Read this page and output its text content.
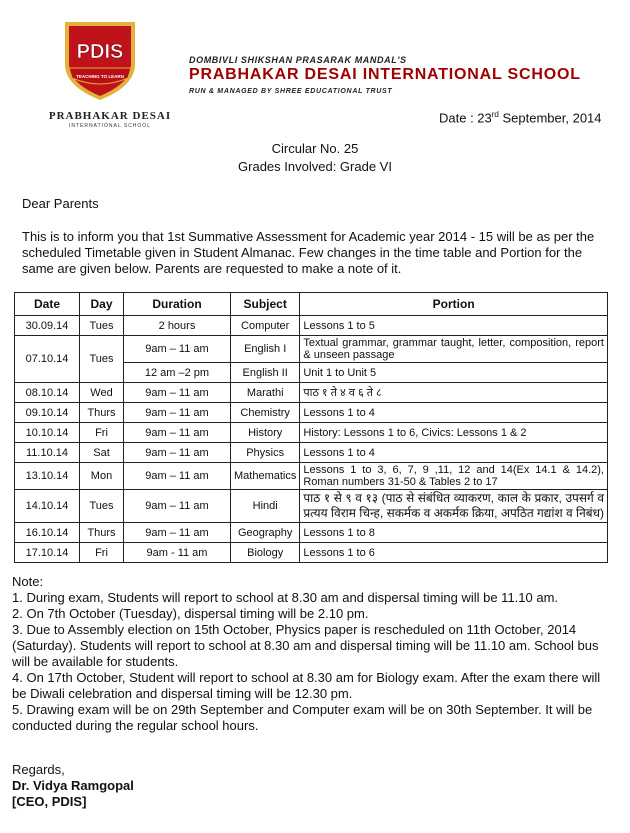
PDIS
TEACHING TO LEARN
PRABHAKAR DESAI
INTERNATIONAL SCHOOL
DOMBIVLI SHIKSHAN PRASARAK MANDAL'S
PRABHAKAR DESAI INTERNATIONAL SCHOOL
RUN & MANAGED BY SHREE EDUCATIONAL TRUST
Date : 23rd September, 2014
Circular No. 25
Grades Involved: Grade VI
Dear Parents
This is to inform you that 1st Summative Assessment for Academic year 2014 - 15 will be as per the scheduled Timetable given in Student Almanac. Few changes in the time table and Portion for the same are given below. Parents are requested to make a note of it.
Date	Day	Duration	Subject	Portion
30.09.14	Tues	2 hours	Computer	Lessons 1 to 5
07.10.14	Tues	9am – 11 am	English I	Textual grammar, grammar taught, letter, composition, report & unseen passage
		12 am –2 pm	English II	Unit 1 to Unit 5
08.10.14	Wed	9am – 11 am	Marathi	पाठ १ ते ४ व ६ ते ८
09.10.14	Thurs	9am – 11 am	Chemistry	Lessons 1 to 4
10.10.14	Fri	9am – 11 am	History	History: Lessons 1 to 6, Civics: Lessons 1 & 2
11.10.14	Sat	9am – 11 am	Physics	Lessons 1 to 4
13.10.14	Mon	9am – 11 am	Mathematics	Lessons 1 to 3, 6, 7, 9 ,11, 12 and 14(Ex 14.1 & 14.2), Roman numbers 31-50 & Tables 2 to 17
14.10.14	Tues	9am – 11 am	Hindi	पाठ १ से ९ व १३ (पाठ से संबंधित व्याकरण, काल के प्रकार, उपसर्ग व प्रत्यय विराम चिन्ह, सकर्मक व अकर्मक क्रिया, अपठित गद्यांश व निबंध)
16.10.14	Thurs	9am – 11 am	Geography	Lessons 1 to 8
17.10.14	Fri	9am - 11 am	Biology	Lessons 1 to 6
Note:
1. During exam, Students will report to school at 8.30 am and dispersal timing will be 11.10 am.
2. On 7th October (Tuesday), dispersal timing will be 2.10 pm.
3. Due to Assembly election on 15th October, Physics paper is rescheduled on 11th October, 2014 (Saturday). Students will report to school at 8.30 am and dispersal timing will be 11.10 am. School bus will be available for students.
4. On 17th October, Student will report to school at 8.30 am for Biology exam. After the exam there will be Diwali celebration and dispersal timing will be 12.30 pm.
5. Drawing exam will be on 29th September and Computer exam will be on 30th September. It will be conducted during the regular school hours.
Regards,
Dr. Vidya Ramgopal
[CEO, PDIS]
